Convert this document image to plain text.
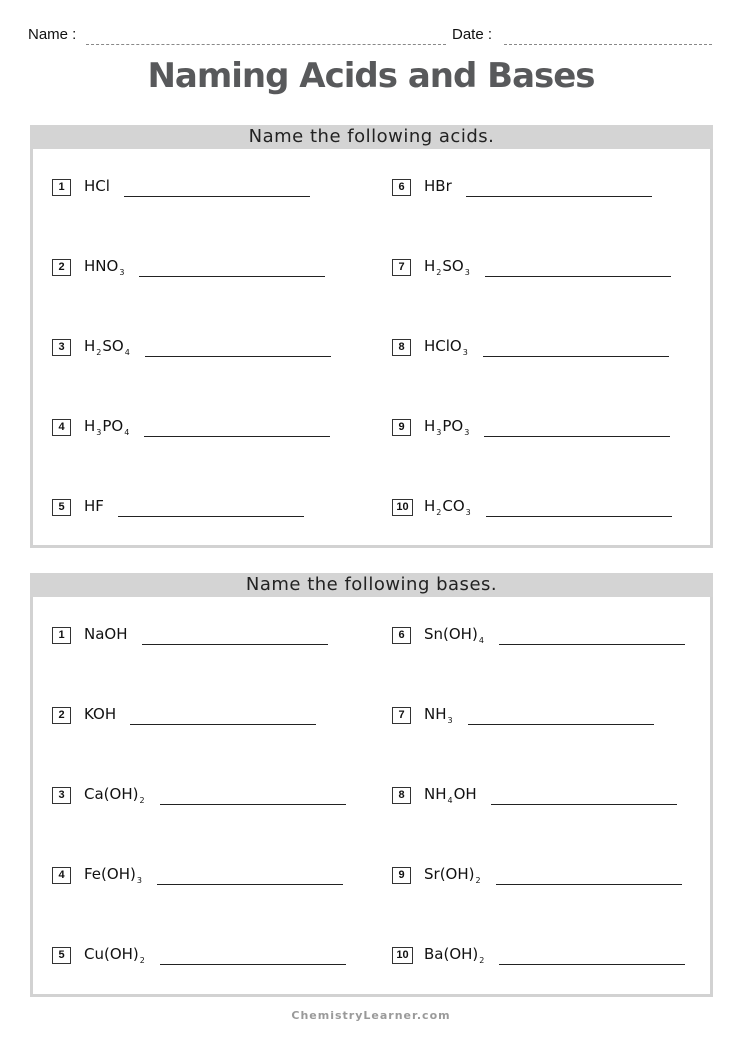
Name :	Date :
Naming Acids and Bases
Name the following acids.
1	HCl
2	$HNO_3$
3	$H_2SO_4$
4	$H_3PO_4$
5	HF
6	HBr
7	$H_2SO_3$
8	HClO$_3$
9	$H_3PO_3$
10 $H_2CO_3$
Name the following bases.
1	NaOH
2	KOH
3	$Ca(OH)_2$
4	$Fe(OH)_3$
5	$Cu(OH)_2$
6	$Sn(OH)_4$
7	$NH_3$
8	$NH_4OH$
9	$Sr(OH)_2$
10 $Ba(OH)_2$
ChemistryLearner.com
